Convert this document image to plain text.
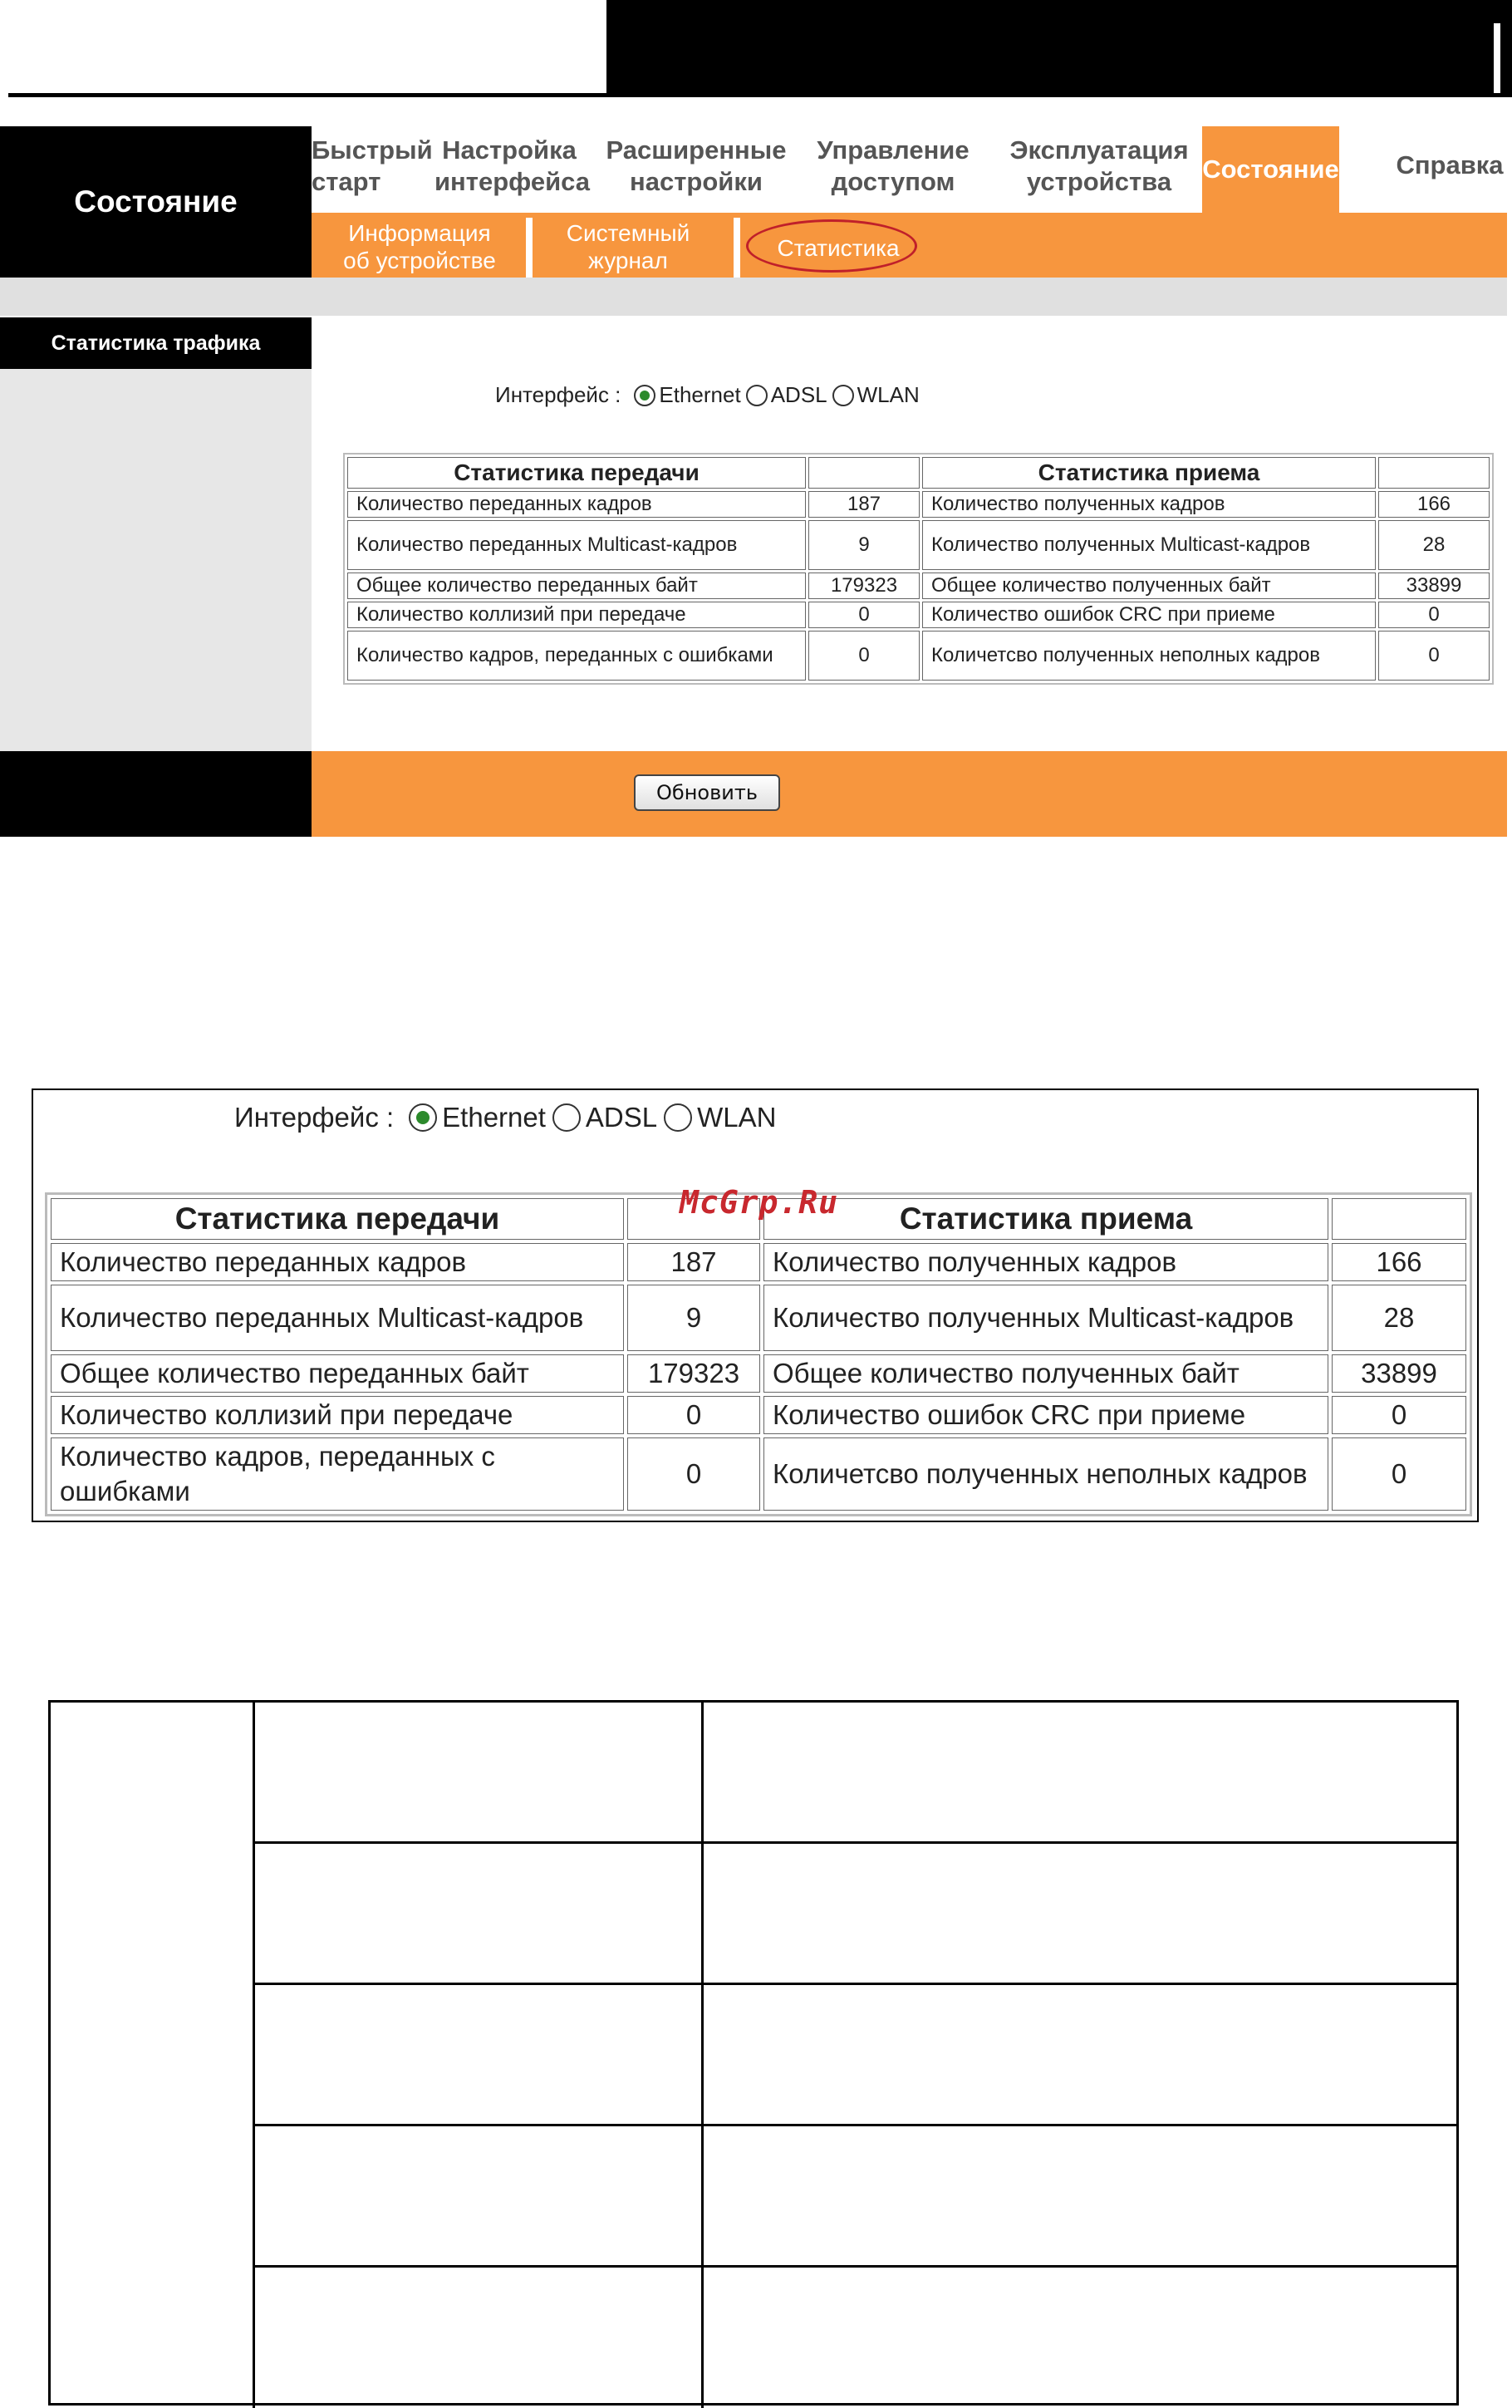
Состояние
Быстрый
старт
Настройка
интерфейса
Расширенные
настройки
Управление
доступом
Эксплуатация
устройства
Справка
Состояние
Информация
об устройстве
Системный
журнал	Статистика
Статистика трафика
Интерфейс : Ethernet ADSL WLAN
Обновить
Статистика передачи		Статистика приема	
Количество переданных кадров	187	Количество полученных кадров	166
Количество переданных Multicast-кадров	9	Количество полученных Multicast-кадров	28
Общее количество переданных байт	179323	Общее количество полученных байт	33899
Количество коллизий при передаче	0	Количество ошибок CRC при приеме	0
Количество кадров, переданных с ошибками	0	Количетсво полученных неполных кадров	0
Интерфейс : Ethernet ADSL WLAN
Статистика передачи		Статистика приема	
Количество переданных кадров	187	Количество полученных кадров	166
Количество переданных Multicast-кадров	9	Количество полученных Multicast-кадров	28
Общее количество переданных байт	179323	Общее количество полученных байт	33899
Количество коллизий при передаче	0	Количество ошибок CRC при приеме	0
Количество кадров, переданных с ошибками	0	Количетсво полученных неполных кадров	0
McGrp.Ru
